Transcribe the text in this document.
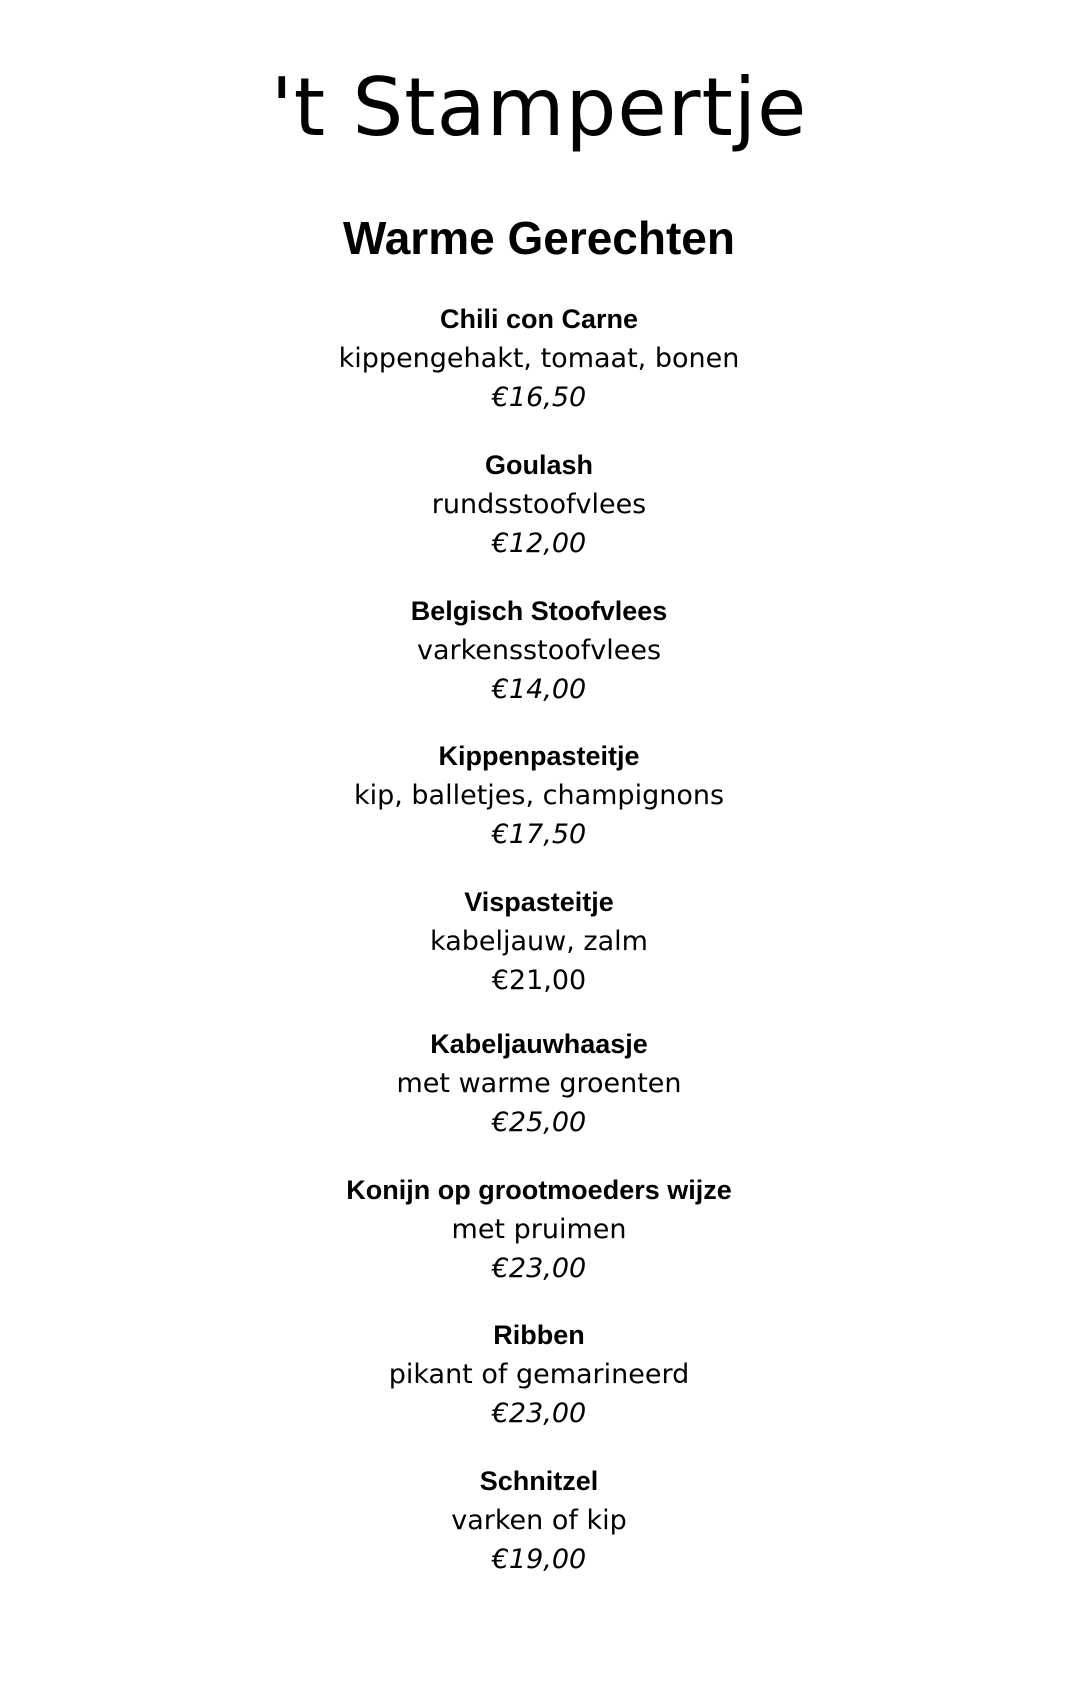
't Stampertje
Warme Gerechten
Chili con Carne
kippengehakt, tomaat, bonen
€16,50
Goulash
rundsstoofvlees
€12,00
Belgisch Stoofvlees
varkensstoofvlees
€14,00
Kippenpasteitje
kip, balletjes, champignons
€17,50
Vispasteitje
kabeljauw, zalm
€21,00
Kabeljauwhaasje
met warme groenten
€25,00
Konijn op grootmoeders wijze
met pruimen
€23,00
Ribben
pikant of gemarineerd
€23,00
Schnitzel
varken of kip
€19,00
